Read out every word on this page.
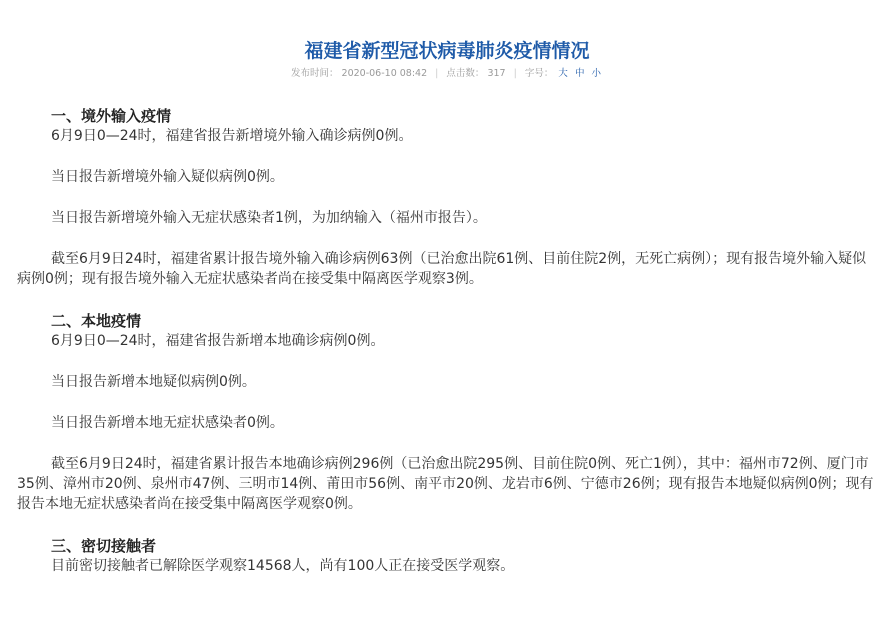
福建省新型冠状病毒肺炎疫情情况
发布时间： 2020-06-10 08:42 | 点击数： 317 | 字号： 大 中 小
一、境外输入疫情

6月9日0—24时，福建省报告新增境外输入确诊病例0例。

当日报告新增境外输入疑似病例0例。

当日报告新增境外输入无症状感染者1例，为加纳输入（福州市报告）。

截至6月9日24时，福建省累计报告境外输入确诊病例63例（已治愈出院61例、目前住院2例，无死亡病例）；现有报告境外输入疑似病例0例；现有报告境外输入无症状感染者尚在接受集中隔离医学观察3例。

二、本地疫情

6月9日0—24时，福建省报告新增本地确诊病例0例。

当日报告新增本地疑似病例0例。

当日报告新增本地无症状感染者0例。

截至6月9日24时，福建省累计报告本地确诊病例296例（已治愈出院295例、目前住院0例、死亡1例），其中：福州市72例、厦门市35例、漳州市20例、泉州市47例、三明市14例、莆田市56例、南平市20例、龙岩市6例、宁德市26例；现有报告本地疑似病例0例；现有报告本地无症状感染者尚在接受集中隔离医学观察0例。

三、密切接触者

目前密切接触者已解除医学观察14568人，尚有100人正在接受医学观察。
